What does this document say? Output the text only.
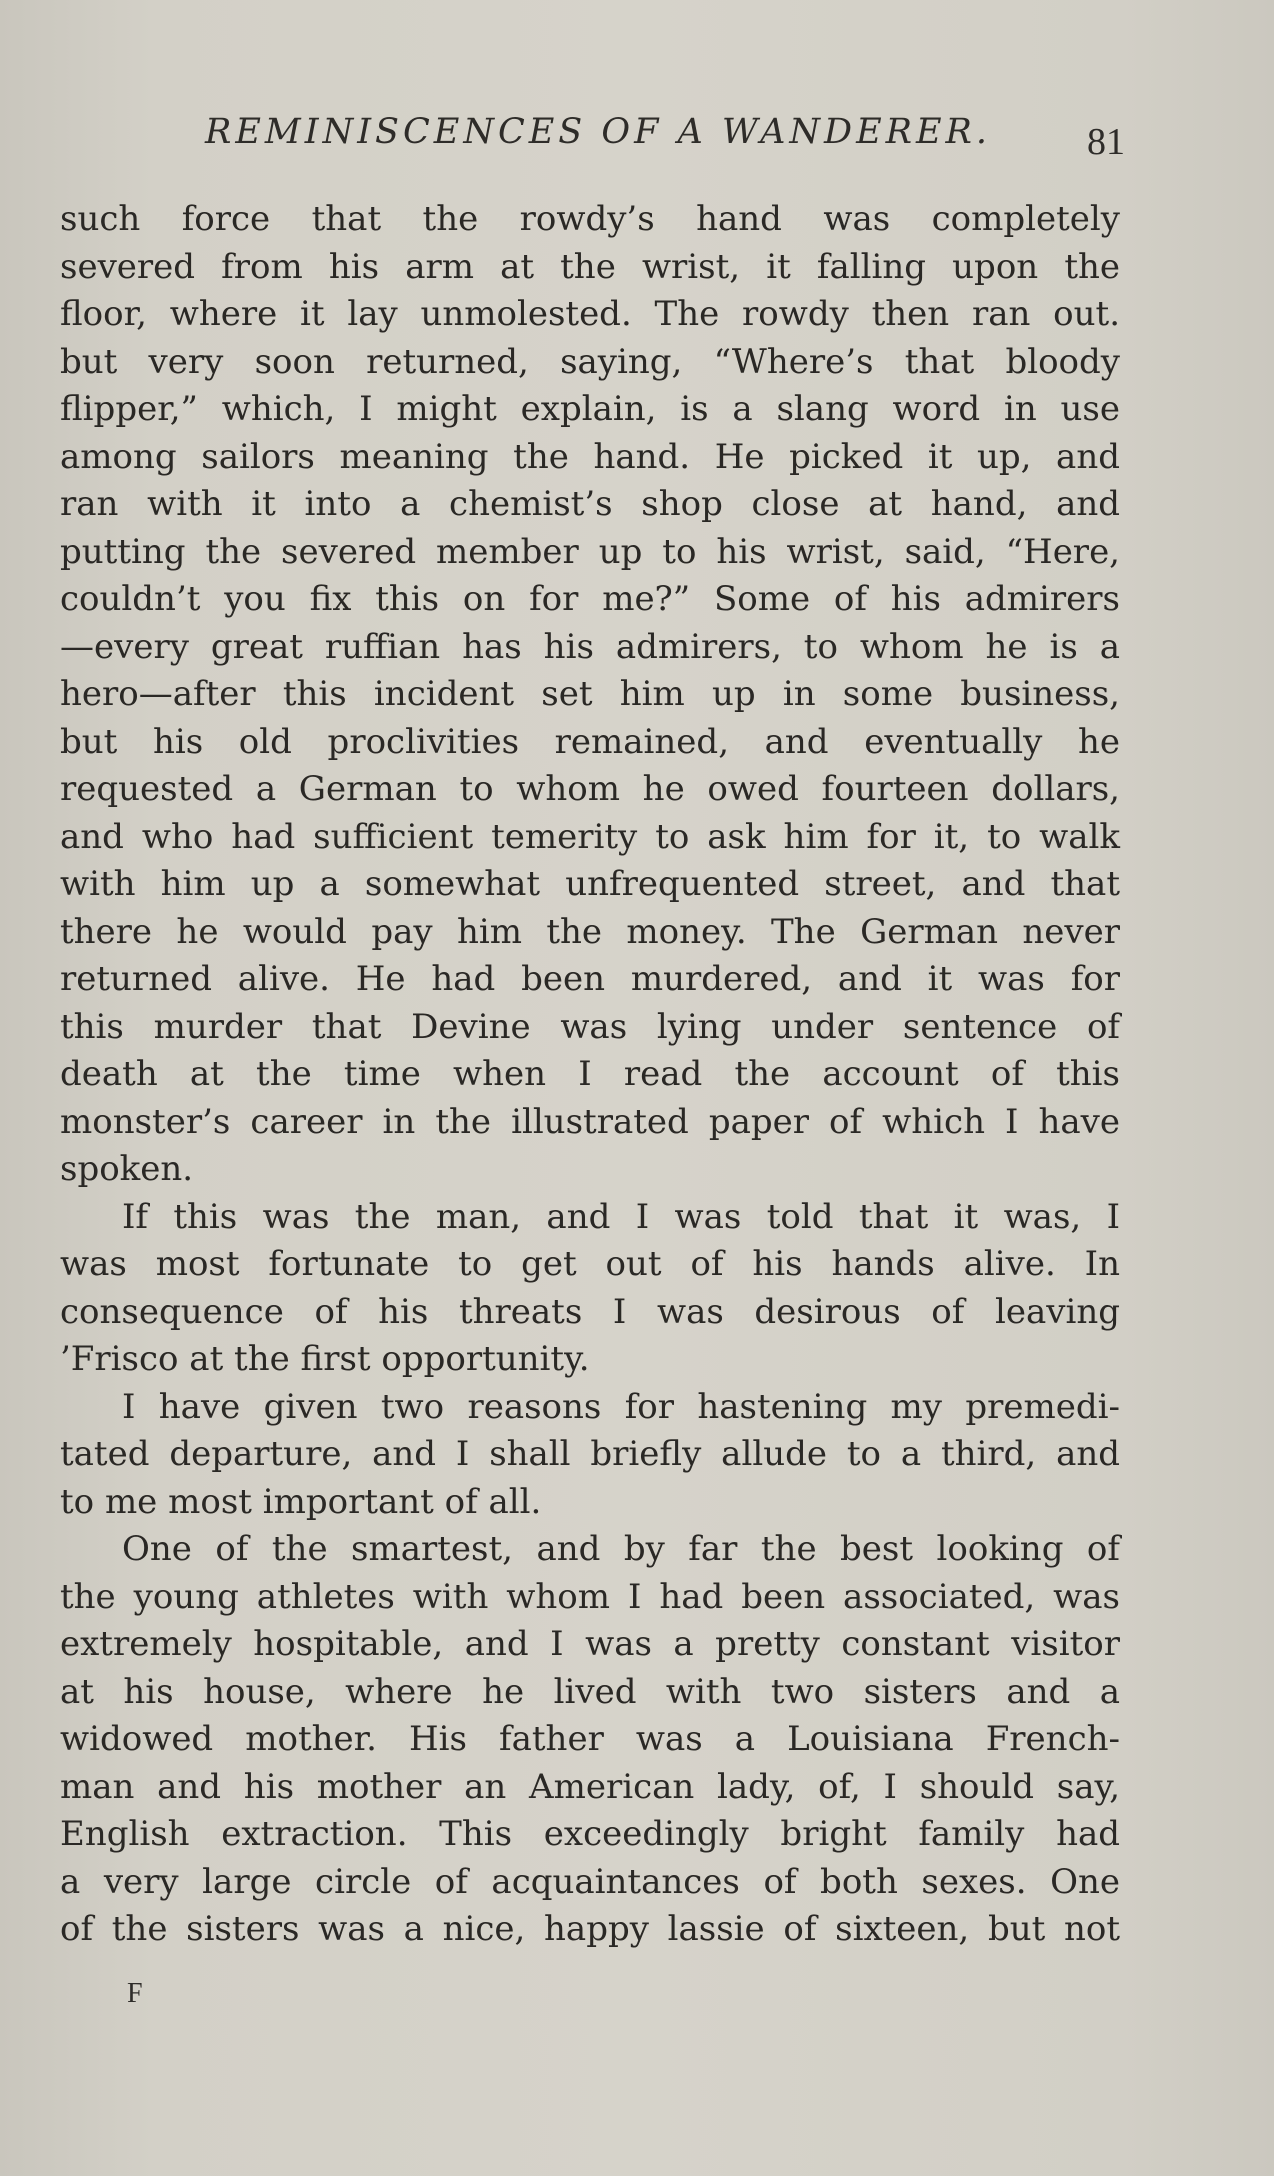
REMINISCENCES OF A WANDERER.	81
such force that the rowdy’s hand was completely
severed from his arm at the wrist, it falling upon the
floor, where it lay unmolested. The rowdy then ran out.
but very soon returned, saying, “Where’s that bloody
flipper,” which, I might explain, is a slang word in use
among sailors meaning the hand. He picked it up, and
ran with it into a chemist’s shop close at hand, and
putting the severed member up to his wrist, said, “Here,
couldn’t you fix this on for me?” Some of his admirers
—every great ruffian has his admirers, to whom he is a
hero—after this incident set him up in some business,
but his old proclivities remained, and eventually he
requested a German to whom he owed fourteen dollars,
and who had sufficient temerity to ask him for it, to walk
with him up a somewhat unfrequented street, and that
there he would pay him the money. The German never
returned alive. He had been murdered, and it was for
this murder that Devine was lying under sentence of
death at the time when I read the account of this
monster’s career in the illustrated paper of which I have
spoken.
If this was the man, and I was told that it was, I
was most fortunate to get out of his hands alive. In
consequence of his threats I was desirous of leaving
’Frisco at the first opportunity.
I have given two reasons for hastening my premedi-
tated departure, and I shall briefly allude to a third, and
to me most important of all.
One of the smartest, and by far the best looking of
the young athletes with whom I had been associated, was
extremely hospitable, and I was a pretty constant visitor
at his house, where he lived with two sisters and a
widowed mother. His father was a Louisiana French-
man and his mother an American lady, of, I should say,
English extraction. This exceedingly bright family had
a very large circle of acquaintances of both sexes. One
of the sisters was a nice, happy lassie of sixteen, but not
F
